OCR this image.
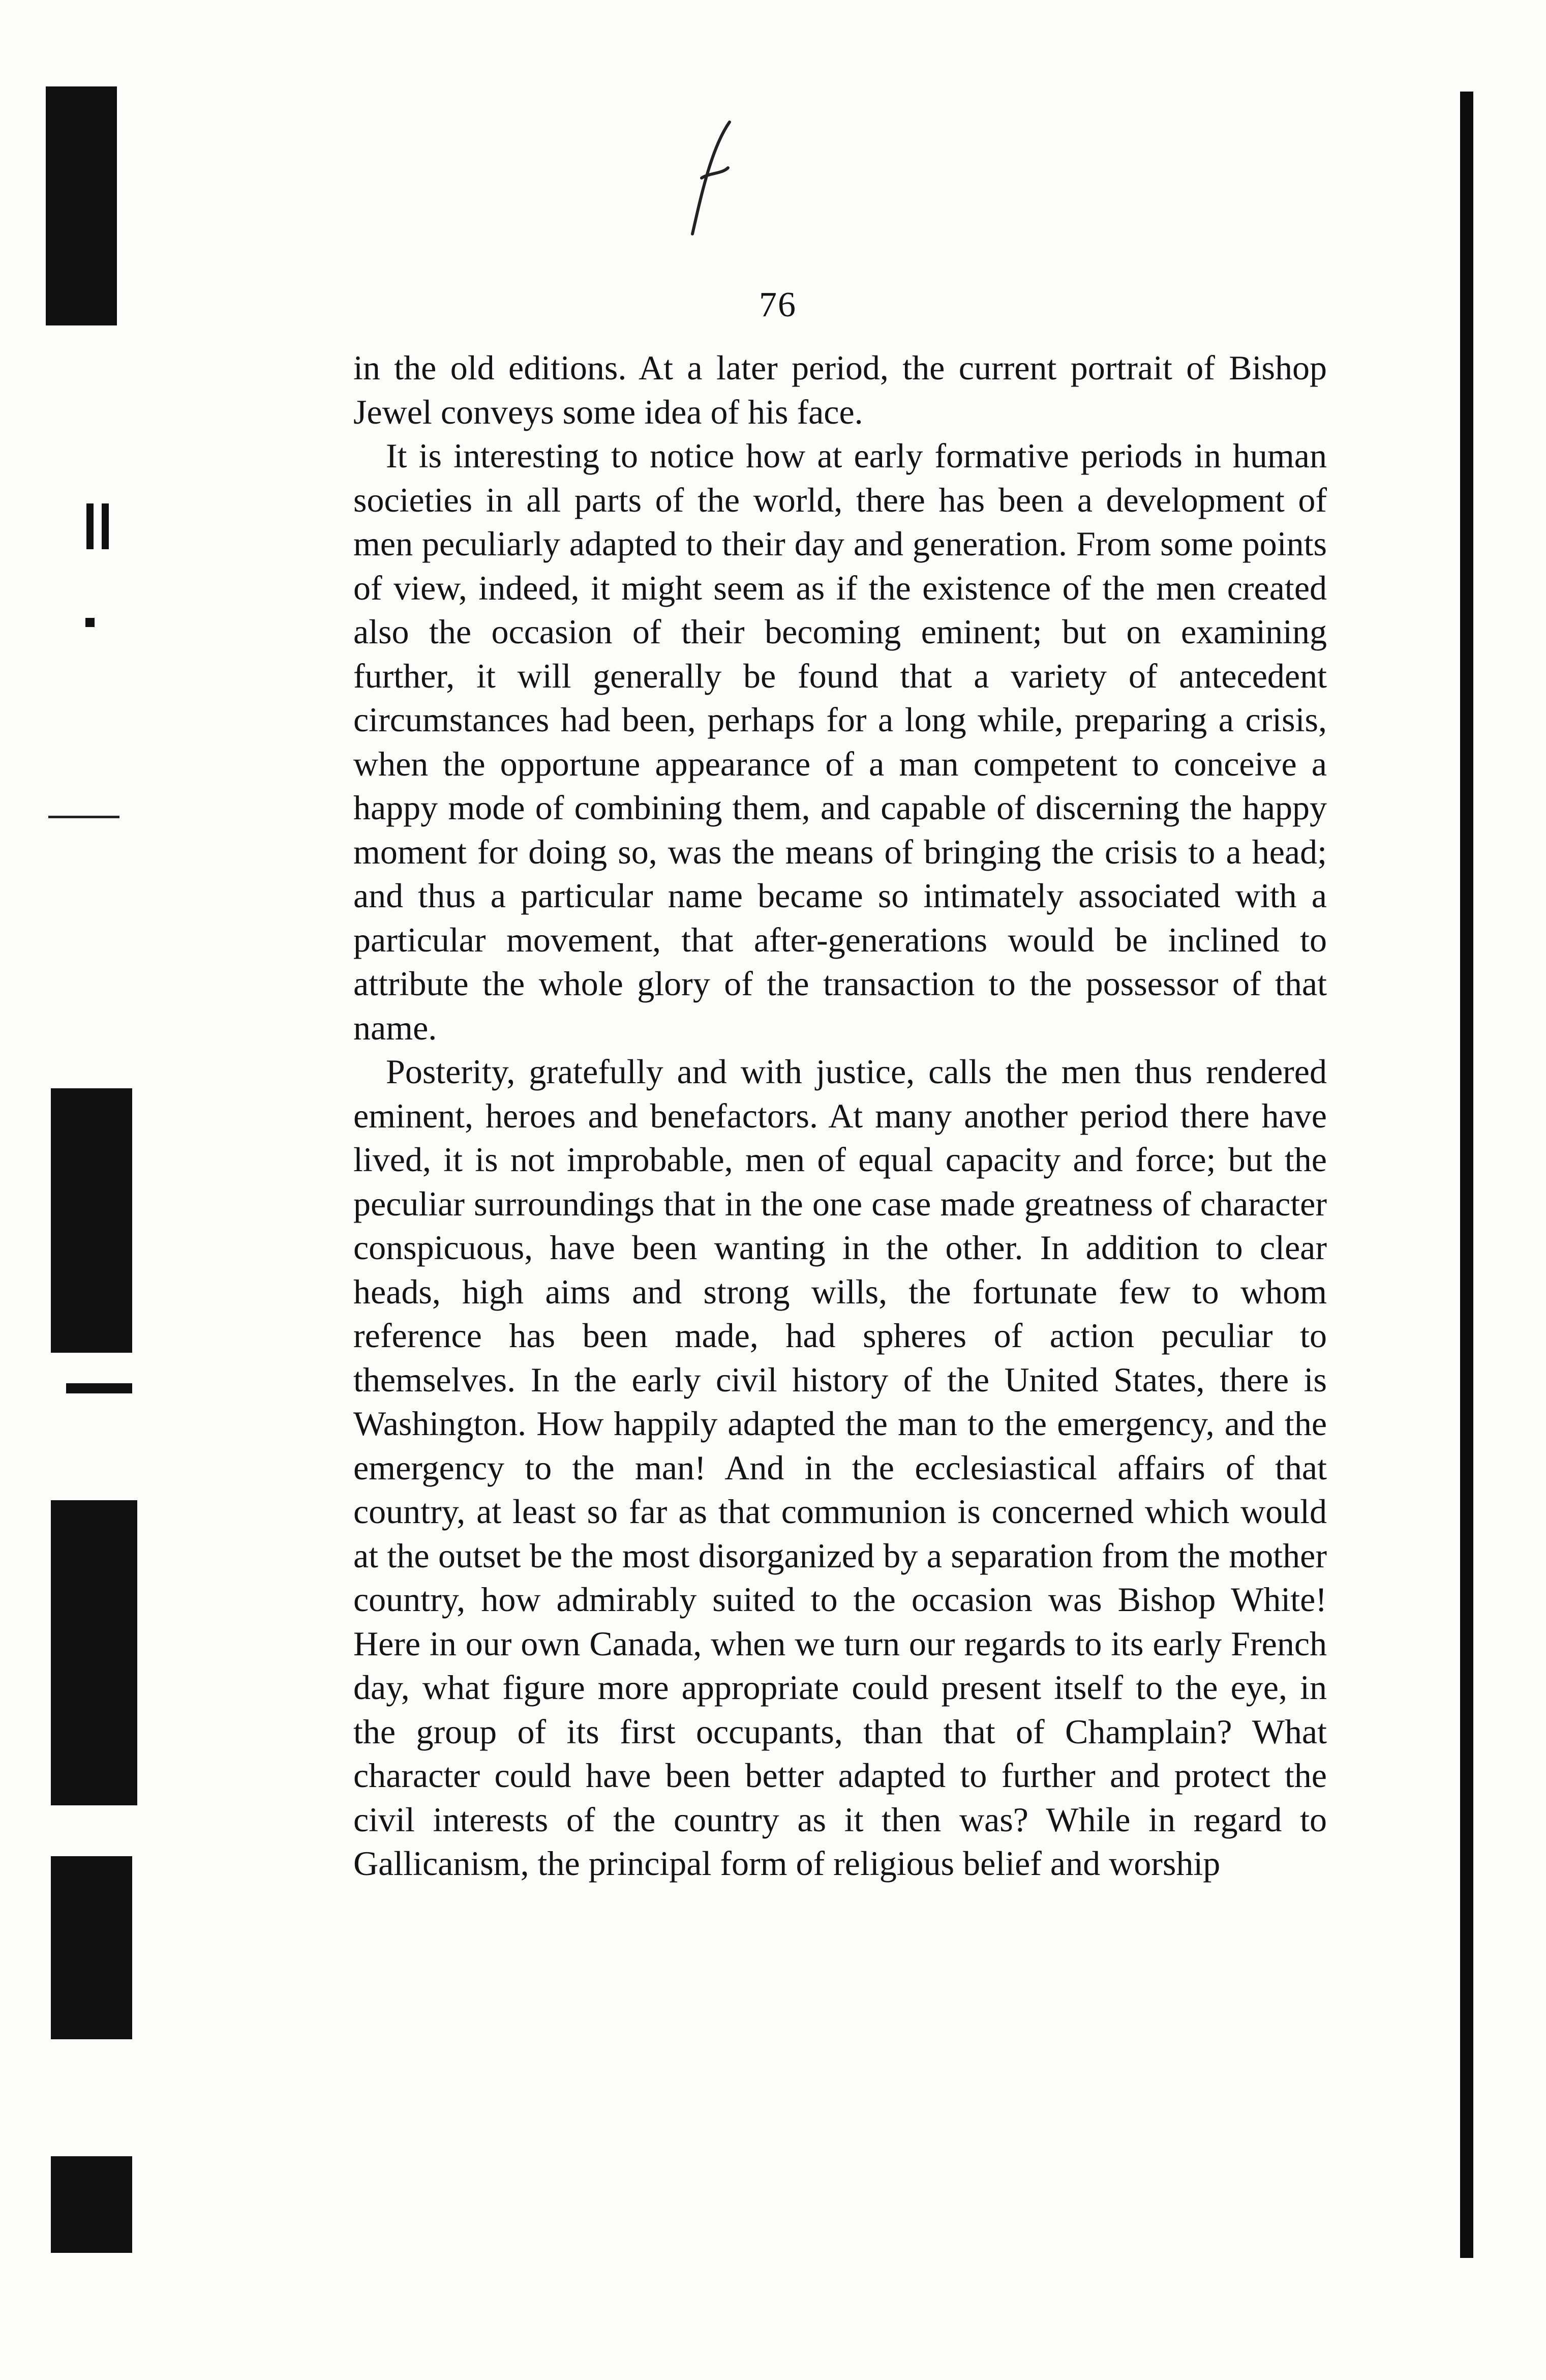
76

in the old editions. At a later period, the current portrait of Bishop Jewel conveys some idea of his face.

It is interesting to notice how at early formative periods in human societies in all parts of the world, there has been a development of men peculiarly adapted to their day and generation. From some points of view, indeed, it might seem as if the existence of the men created also the occasion of their becoming eminent; but on examining further, it will generally be found that a variety of antecedent circumstances had been, perhaps for a long while, preparing a crisis, when the opportune appearance of a man competent to conceive a happy mode of combining them, and capable of discerning the happy moment for doing so, was the means of bringing the crisis to a head; and thus a particular name became so intimately associated with a particular movement, that after-generations would be inclined to attribute the whole glory of the transaction to the possessor of that name.

Posterity, gratefully and with justice, calls the men thus rendered eminent, heroes and benefactors. At many another period there have lived, it is not improbable, men of equal capacity and force; but the peculiar surroundings that in the one case made greatness of character conspicuous, have been wanting in the other. In addition to clear heads, high aims and strong wills, the fortunate few to whom reference has been made, had spheres of action peculiar to themselves. In the early civil history of the United States, there is Washington. How happily adapted the man to the emergency, and the emergency to the man! And in the ecclesiastical affairs of that country, at least so far as that communion is concerned which would at the outset be the most disorganized by a separation from the mother country, how admirably suited to the occasion was Bishop White! Here in our own Canada, when we turn our regards to its early French day, what figure more appropriate could present itself to the eye, in the group of its first occupants, than that of Champlain? What character could have been better adapted to further and protect the civil interests of the country as it then was? While in regard to Gallicanism, the principal form of religious belief and worship
